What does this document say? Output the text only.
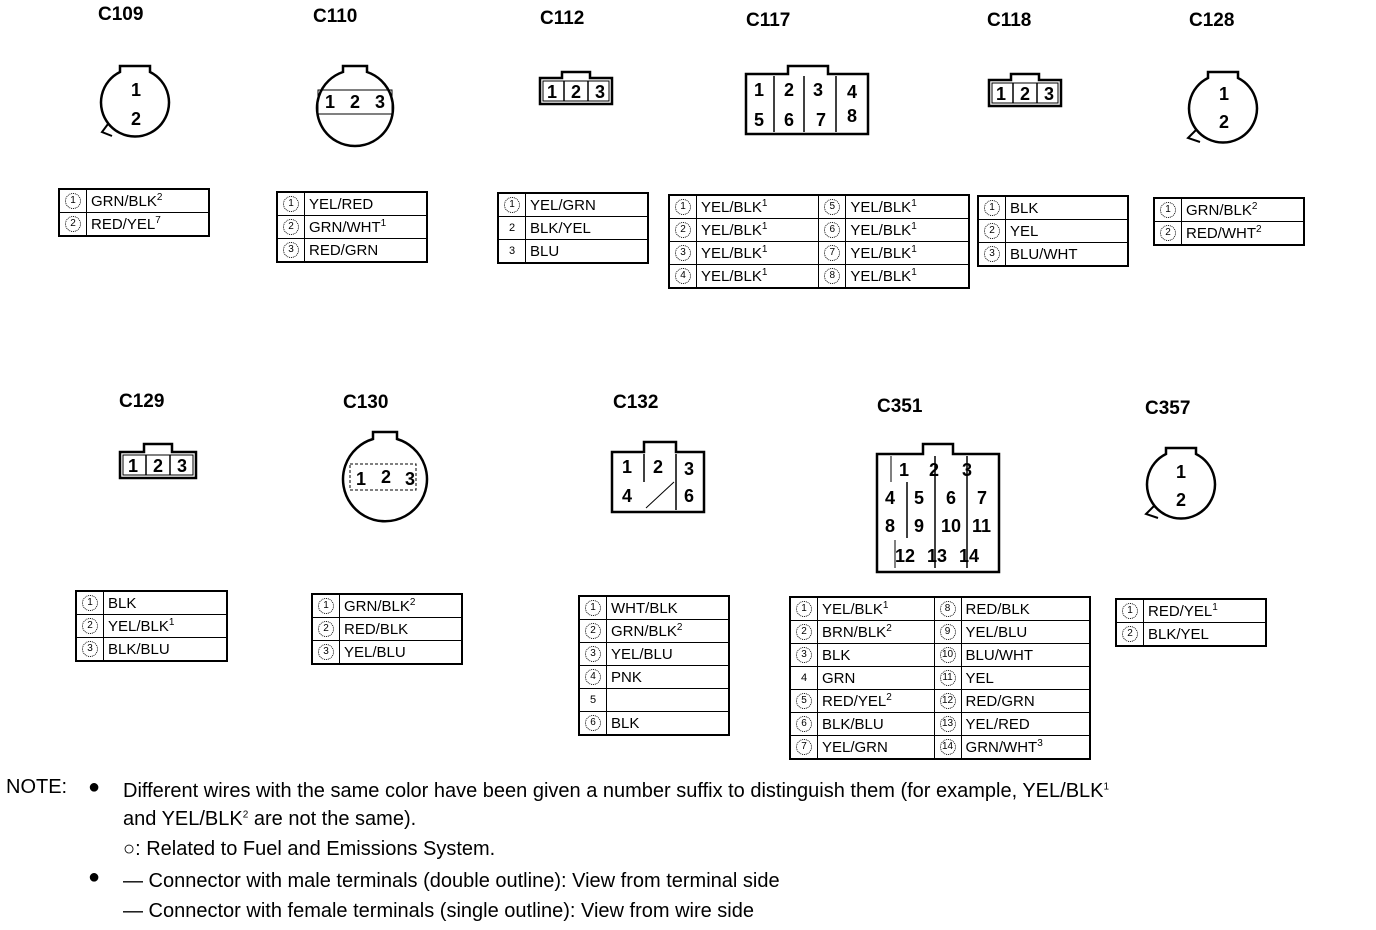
C109	C110	C112	C117	C118	C128
C129	C130	C132	C351	C357
1
2
1 2 3	1 2 3	1 2 3 4
5 6 7 8
1 2 3	1
2
1 2 3
1 2 3
1 2 3
4	6
1 2 3
4 5 6 7
8 9 10 11
12 13 14
1
2
1	GRN/BLK$^2$
2	RED/YEL$^7$
1	YEL/RED
2	GRN/WHT$^1$
3	RED/GRN
1	YEL/GRN
2	BLK/YEL
3	BLU
1	YEL/BLK$^1$	5	YEL/BLK$^1$
2	YEL/BLK$^1$	6	YEL/BLK$^1$
3	YEL/BLK$^1$	7	YEL/BLK$^1$
4	YEL/BLK$^1$	8	YEL/BLK$^1$
1	BLK
2	YEL
3	BLU/WHT
1	GRN/BLK$^2$
2	RED/WHT$^2$
1	BLK
2	YEL/BLK$^1$
3	BLK/BLU
1	GRN/BLK$^2$
2	RED/BLK
3	YEL/BLU
1	WHT/BLK
2	GRN/BLK$^2$
3	YEL/BLU
4	PNK
5	
6	BLK
1	YEL/BLK$^1$	8	RED/BLK
2	BRN/BLK$^2$	9	YEL/BLU
3	BLK	10	BLU/WHT
4	GRN	11	YEL
5	RED/YEL$^2$	12	RED/GRN
6	BLK/BLU	13	YEL/RED
7	YEL/GRN	14	GRN/WHT$^3$
1	RED/YEL$^1$
2	BLK/YEL
NOTE: ● Different wires with the same color have been given a number suffix to distinguish them (for example, YEL/BLK$^1$
and YEL/BLK$^2$ are not the same).
○: Related to Fuel and Emissions System.
● — Connector with male terminals (double outline): View from terminal side
— Connector with female terminals (single outline): View from wire side
